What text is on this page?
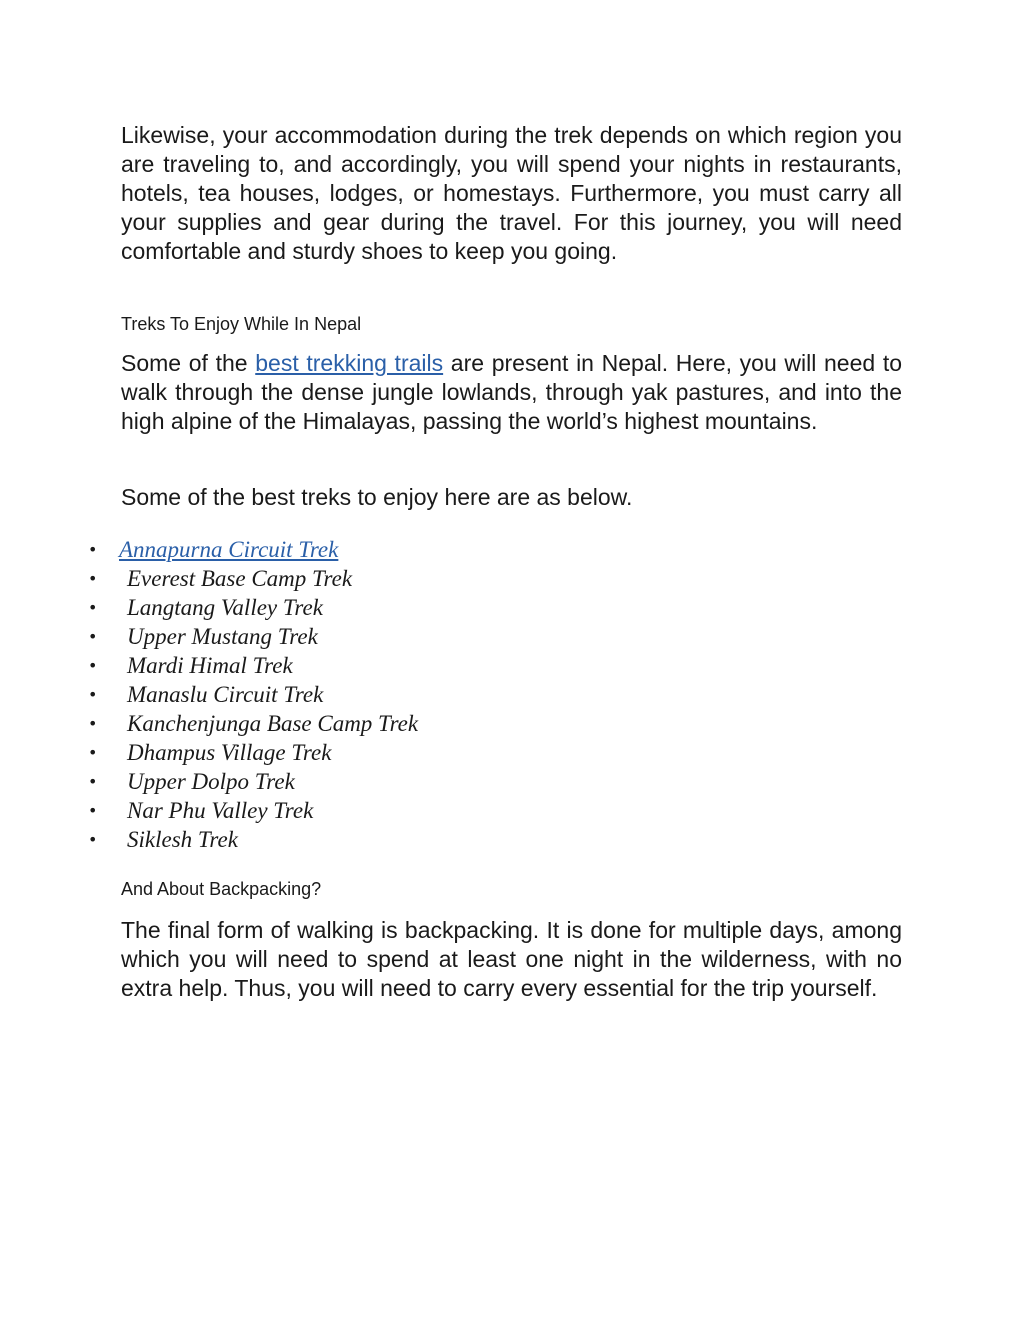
Likewise, your accommodation during the trek depends on which region you are traveling to, and accordingly, you will spend your nights in restaurants, hotels, tea houses, lodges, or homestays. Furthermore, you must carry all your supplies and gear during the travel. For this journey, you will need comfortable and sturdy shoes to keep you going.

Treks To Enjoy While In Nepal

Some of the best trekking trails are present in Nepal. Here, you will need to walk through the dense jungle lowlands, through yak pastures, and into the high alpine of the Himalayas, passing the world’s highest mountains.

Some of the best treks to enjoy here are as below.

• Annapurna Circuit Trek
• Everest Base Camp Trek
• Langtang Valley Trek
• Upper Mustang Trek
• Mardi Himal Trek
• Manaslu Circuit Trek
• Kanchenjunga Base Camp Trek
• Dhampus Village Trek
• Upper Dolpo Trek
• Nar Phu Valley Trek
• Siklesh Trek
And About Backpacking?

The final form of walking is backpacking. It is done for multiple days, among which you will need to spend at least one night in the wilderness, with no extra help. Thus, you will need to carry every essential for the trip yourself.
